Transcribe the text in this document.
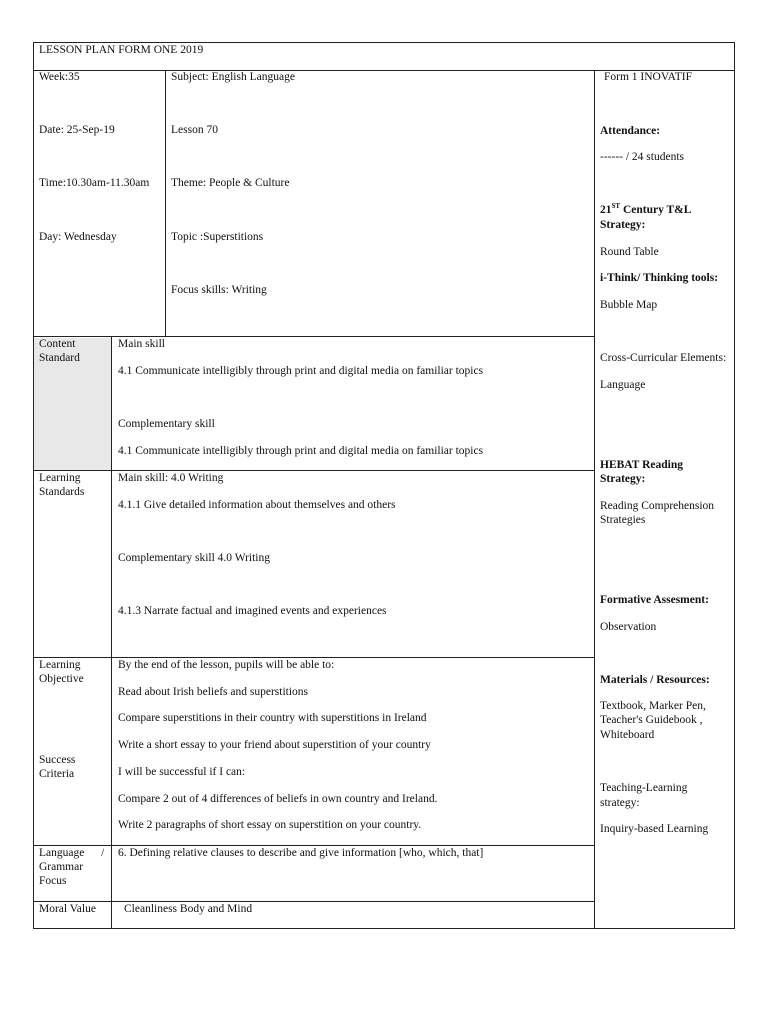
LESSON PLAN FORM ONE 2019
Week:35
Date: 25-Sep-19
Time:10.30am-11.30am
Day: Wednesday
Subject: English Language
Lesson 70
Theme: People & Culture
Topic :Superstitions
Focus skills: Writing
Content
Standard
Main skill
4.1 Communicate intelligibly through print and digital media on familiar topics
Complementary skill
4.1 Communicate intelligibly through print and digital media on familiar topics
Learning
Standards
Main skill: 4.0 Writing
4.1.1 Give detailed information about themselves and others
Complementary skill 4.0 Writing
4.1.3 Narrate factual and imagined events and experiences
Learning
Objective
Success
Criteria
By the end of the lesson, pupils will be able to:
Read about Irish beliefs and superstitions
Compare superstitions in their country with superstitions in Ireland
Write a short essay to your friend about superstition of your country
I will be successful if I can:
Compare 2 out of 4 differences of beliefs in own country and Ireland.
Write 2 paragraphs of short essay on superstition on your country.
Language /
Grammar
Focus
6. Defining relative clauses to describe and give information [who, which, that]
Moral Value Cleanliness Body and Mind
Form 1 INOVATIF
Attendance:
------ / 24 students
21ST Century T&L
Strategy:
Round Table
i-Think/ Thinking tools:
Bubble Map
Cross-Curricular Elements:
Language
HEBAT Reading
Strategy:
Reading Comprehension
Strategies
Formative Assesment:
Observation
Materials / Resources:
Textbook, Marker Pen,
Teacher's Guidebook ,
Whiteboard
Teaching-Learning
strategy:
Inquiry-based Learning
